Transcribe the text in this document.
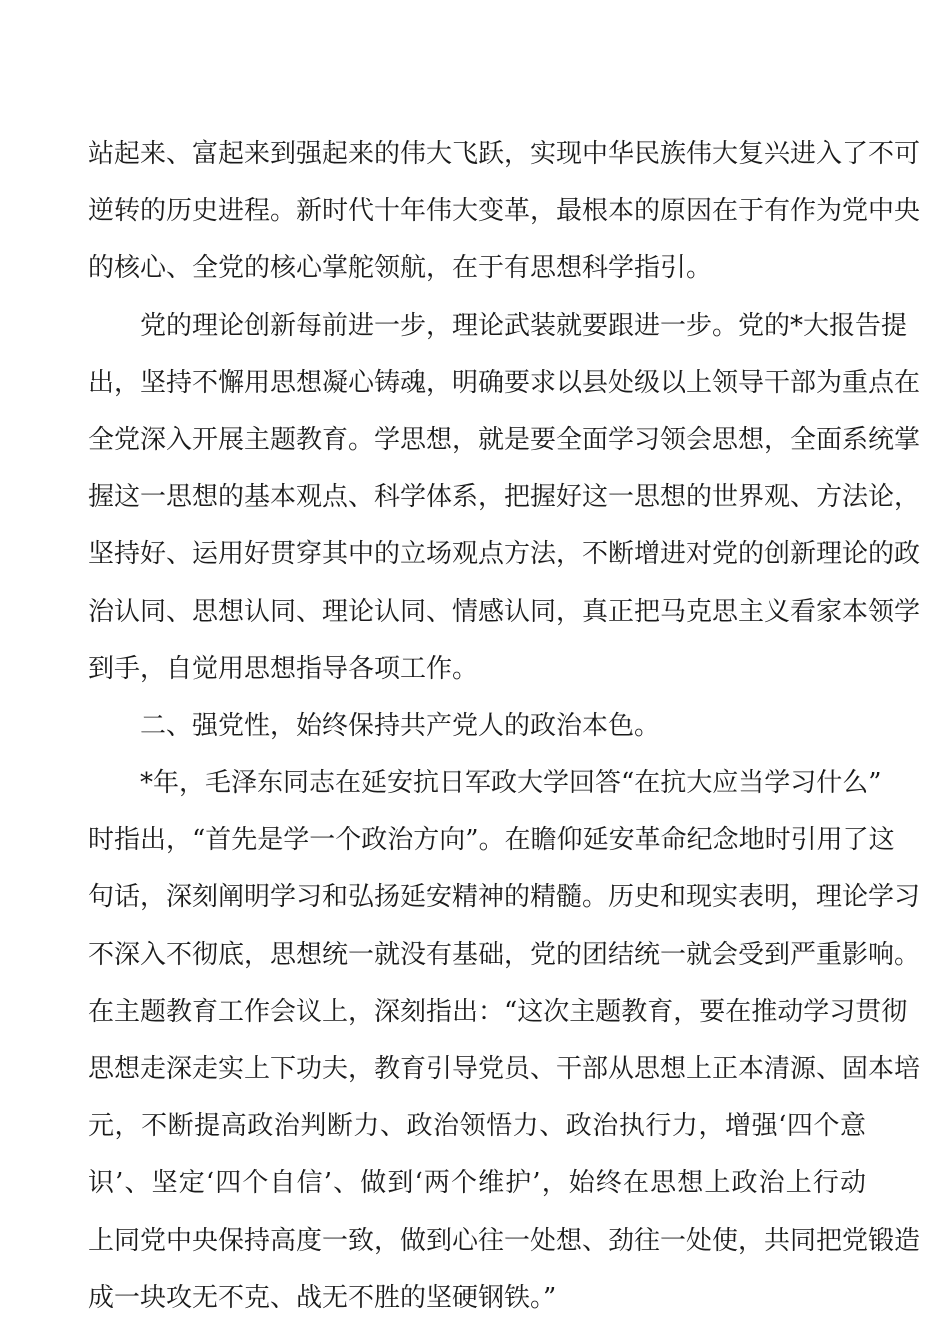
站起来、富起来到强起来的伟大飞跃，实现中华民族伟大复兴进入了不可
逆转的历史进程。新时代十年伟大变革，最根本的原因在于有作为党中央
的核心、全党的核心掌舵领航，在于有思想科学指引。
党的理论创新每前进一步，理论武装就要跟进一步。党的*大报告提
出，坚持不懈用思想凝心铸魂，明确要求以县处级以上领导干部为重点在
全党深入开展主题教育。学思想，就是要全面学习领会思想，全面系统掌
握这一思想的基本观点、科学体系，把握好这一思想的世界观、方法论，
坚持好、运用好贯穿其中的立场观点方法，不断增进对党的创新理论的政
治认同、思想认同、理论认同、情感认同，真正把马克思主义看家本领学
到手，自觉用思想指导各项工作。
二、强党性，始终保持共产党人的政治本色。
*年，毛泽东同志在延安抗日军政大学回答“在抗大应当学习什么”
时指出，“首先是学一个政治方向”。在瞻仰延安革命纪念地时引用了这
句话，深刻阐明学习和弘扬延安精神的精髓。历史和现实表明，理论学习
不深入不彻底，思想统一就没有基础，党的团结统一就会受到严重影响。
在主题教育工作会议上，深刻指出：“这次主题教育，要在推动学习贯彻
思想走深走实上下功夫，教育引导党员、干部从思想上正本清源、固本培
元，不断提高政治判断力、政治领悟力、政治执行力，增强‘四个意
识’、坚定‘四个自信’、做到‘两个维护’，始终在思想上政治上行动
上同党中央保持高度一致，做到心往一处想、劲往一处使，共同把党锻造
成一块攻无不克、战无不胜的坚硬钢铁。”
